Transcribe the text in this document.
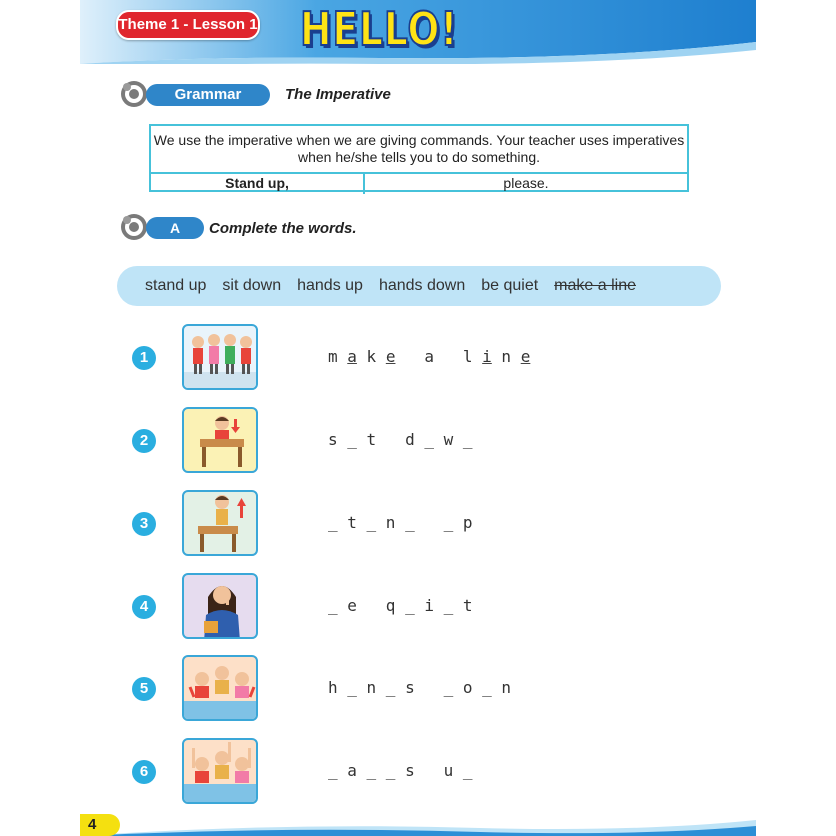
Theme 1 - Lesson 1 HELLO!
Grammar	The Imperative
We use the imperative when we are giving commands. Your teacher uses imperatives when he/she tells you to do something.
Stand up,	please.
A	Complete the words.
stand up sit down hands up hands down be quiet make a line
1	m a k e   a   l i n e
2	s _ t   d _ w _
3	_ t _ n _   _ p
4	_ e   q _ i _ t
5	h _ n _ s   _ o _ n
6	_ a _ _ s   u _
4
